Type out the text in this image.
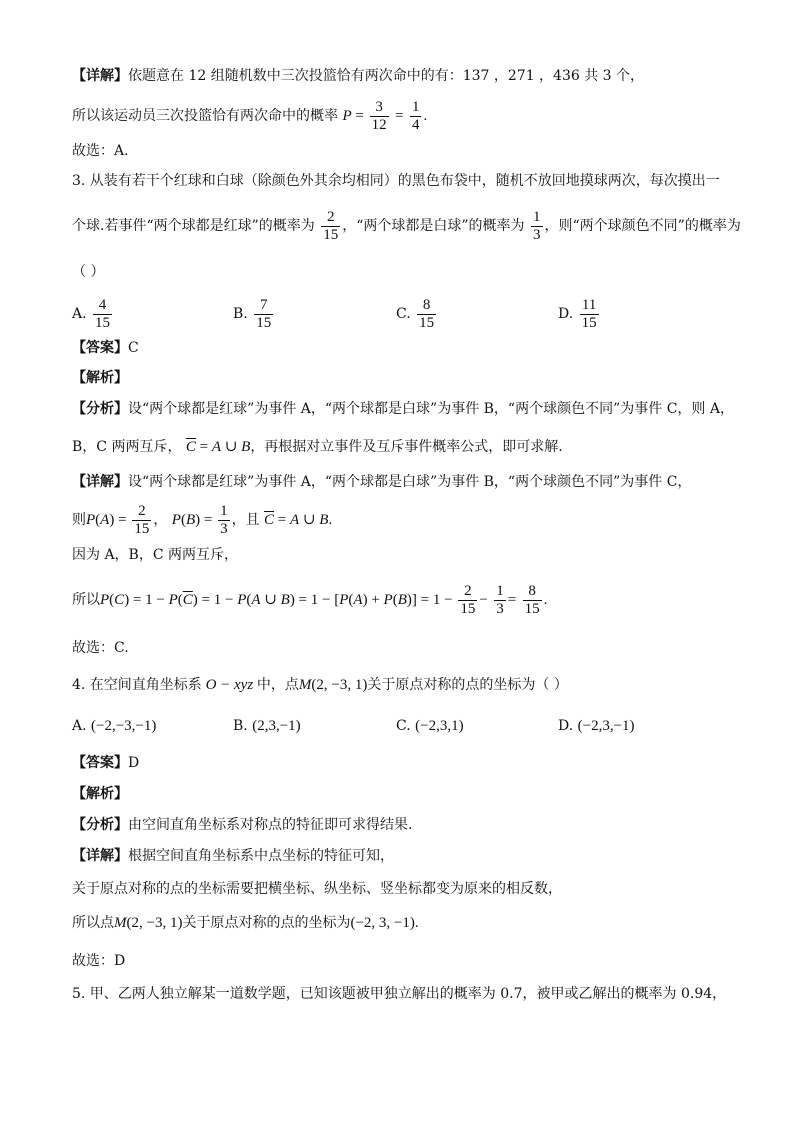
【详解】依题意在 12 组随机数中三次投篮恰有两次命中的有：137 ，271 ，436 共 3 个，
所以该运动员三次投篮恰有两次命中的概率 $P = \frac{3}{12} = \frac{1}{4}$ .
故选：A.
3. 从装有若干个红球和白球（除颜色外其余均相同）的黑色布袋中，随机不放回地摸球两次，每次摸出一
个球.若事件“两个球都是红球”的概率为 $\frac{2}{15}$ ，“两个球都是白球”的概率为 $\frac{1}{3}$ ，则“两个球颜色不同”的概率为
（ ）
A. $\frac{4}{15}$	B. $\frac{7}{15}$	C. $\frac{8}{15}$	D. $\frac{11}{15}$
【答案】C
【解析】
【分析】设“两个球都是红球”为事件 A，“两个球都是白球”为事件 B，“两个球颜色不同”为事件 C，则 A，
B，C 两两互斥， $\overline{C} = A$ ∪ B，再根据对立事件及互斥事件概率公式，即可求解.
【详解】设“两个球都是红球”为事件 A，“两个球都是白球”为事件 B，“两个球颜色不同”为事件 C，
则$P(A) = \frac{2}{15}$ ， $P(B) = \frac{1}{3}$ ，且 $\overline{C} = A$ ∪ B.
因为 A，B，C 两两互斥，
所以$P(C) = 1 - P(\overline{C}) = 1 - P(A$ ∪ $B) = 1 - [P(A) + P(B)] = 1 - \frac{2}{15} - \frac{1}{3} = \frac{8}{15}$ .
故选：C.
4. 在空间直角坐标系 O − xyz 中，点M(2, −3, 1)关于原点对称的点的坐标为（ ）
A. (−2,−3,−1)	B. (2,3,−1)	C. (−2,3,1)	D. (−2,3,−1)
【答案】D
【解析】
【分析】由空间直角坐标系对称点的特征即可求得结果.
【详解】根据空间直角坐标系中点坐标的特征可知，
关于原点对称的点的坐标需要把横坐标、纵坐标、竖坐标都变为原来的相反数，
所以点M(2, −3, 1)关于原点对称的点的坐标为(−2, 3, −1).
故选：D
5. 甲、乙两人独立解某一道数学题，已知该题被甲独立解出的概率为 0.7，被甲或乙解出的概率为 0.94，
